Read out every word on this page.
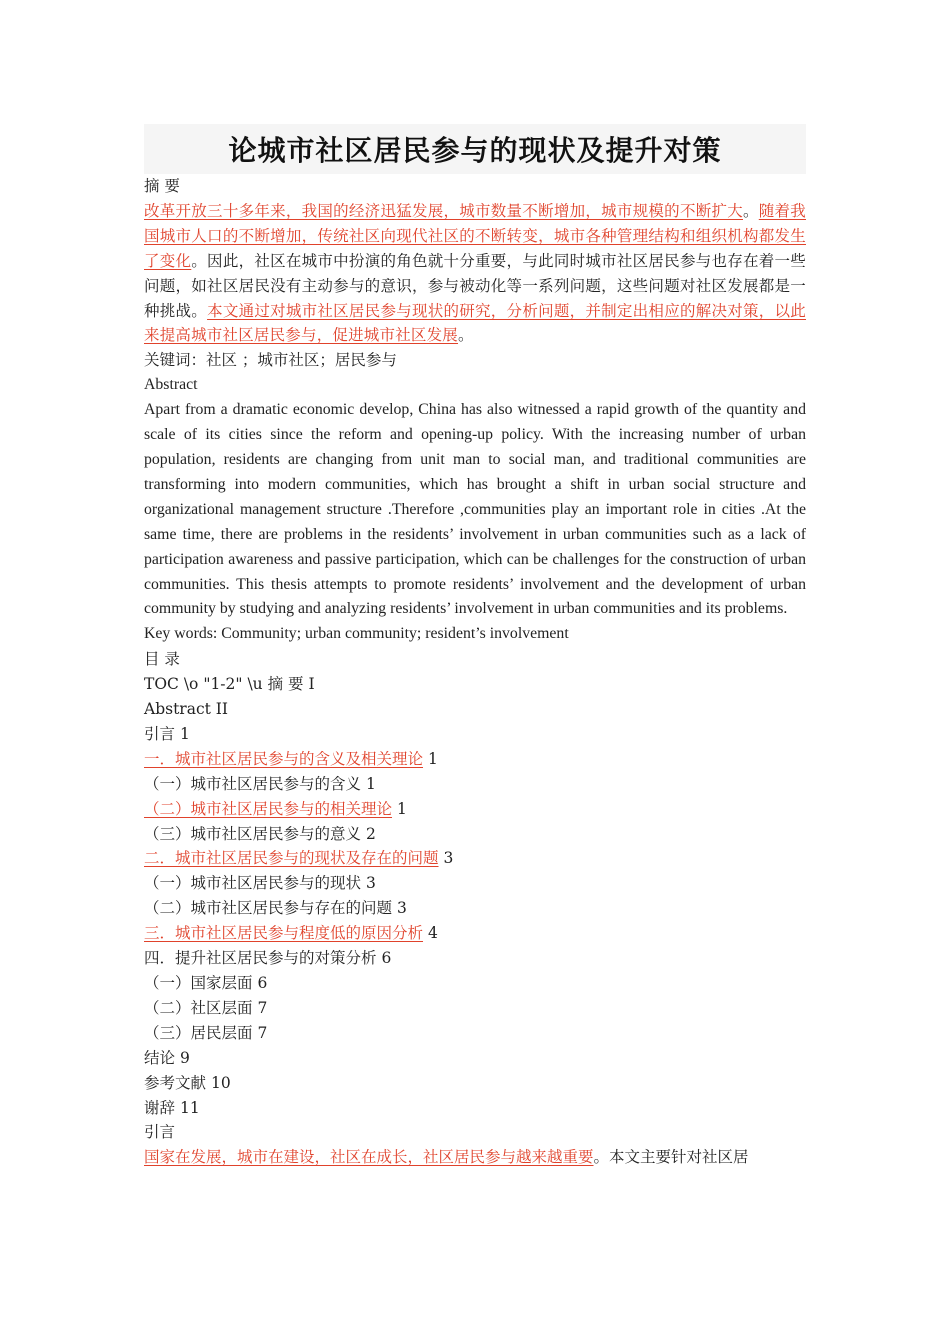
论城市社区居民参与的现状及提升对策
摘 要
改革开放三十多年来，我国的经济迅猛发展，城市数量不断增加，城市规模的不断扩大。随着我国城市人口的不断增加，传统社区向现代社区的不断转变，城市各种管理结构和组织机构都发生了变化。因此，社区在城市中扮演的角色就十分重要，与此同时城市社区居民参与也存在着一些问题，如社区居民没有主动参与的意识，参与被动化等一系列问题，这些问题对社区发展都是一种挑战。本文通过对城市社区居民参与现状的研究，分析问题，并制定出相应的解决对策，以此来提高城市社区居民参与，促进城市社区发展。
关键词：社区 ；城市社区；居民参与
Abstract
Apart from a dramatic economic develop, China has also witnessed a rapid growth of the quantity and scale of its cities since the reform and opening-up policy. With the increasing number of urban population, residents are changing from unit man to social man, and traditional communities are transforming into modern communities, which has brought a shift in urban social structure and organizational management structure .Therefore ,communities play an important role in cities .At the same time, there are problems in the residents’ involvement in urban communities such as a lack of participation awareness and passive participation, which can be challenges for the construction of urban communities. This thesis attempts to promote residents’ involvement and the development of urban community by studying and analyzing residents’ involvement in urban communities and its problems.
Key words: Community; urban community; resident’s involvement
目 录
TOC \o "1-2" \u 摘 要 I
Abstract II
引言 1
一．城市社区居民参与的含义及相关理论 1
（一）城市社区居民参与的含义 1
（二）城市社区居民参与的相关理论 1
（三）城市社区居民参与的意义 2
二．城市社区居民参与的现状及存在的问题 3
（一）城市社区居民参与的现状 3
（二）城市社区居民参与存在的问题 3
三．城市社区居民参与程度低的原因分析 4
四．提升社区居民参与的对策分析 6
（一）国家层面 6
（二）社区层面 7
（三）居民层面 7
结论 9
参考文献 10
谢辞 11
引言
国家在发展，城市在建设，社区在成长，社区居民参与越来越重要。本文主要针对社区居
